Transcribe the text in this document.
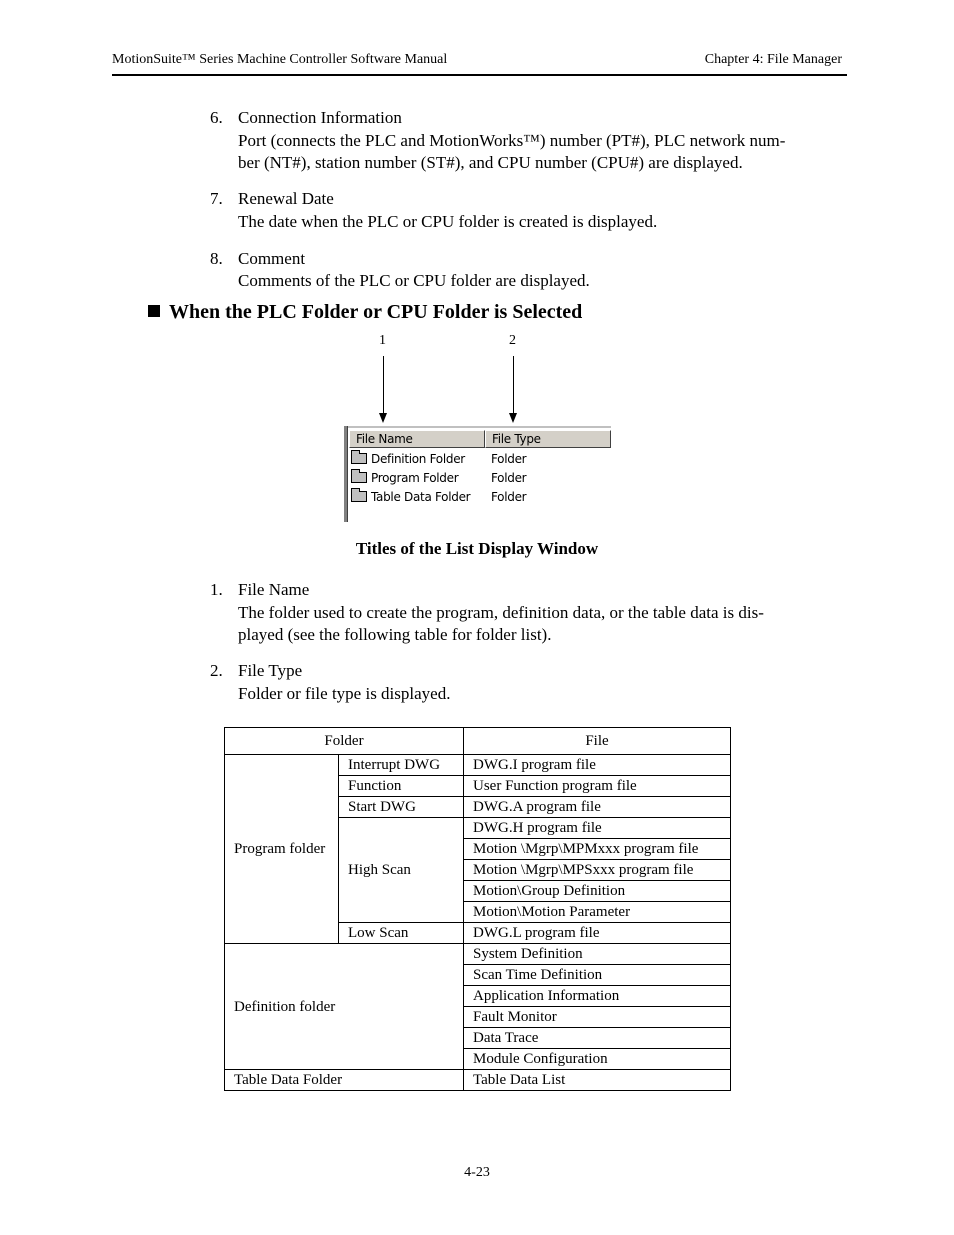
MotionSuite™ Series Machine Controller Software Manual	Chapter 4: File Manager
6. Connection Information
Port (connects the PLC and MotionWorks™) number (PT#), PLC network num-
ber (NT#), station number (ST#), and CPU number (CPU#) are displayed.
7. Renewal Date
The date when the PLC or CPU folder is created is displayed.
8. Comment
Comments of the PLC or CPU folder are displayed.
When the PLC Folder or CPU Folder is Selected
1	2
File Name	File Type
Definition Folder Folder
Program Folder	Folder
Table Data Folder Folder
Titles of the List Display Window
1. File Name
The folder used to create the program, definition data, or the table data is dis-
played (see the following table for folder list).
2. File Type
Folder or file type is displayed.
Folder		File
Program folder	Interrupt DWG	DWG.I program file
	Function	User Function program file
	Start DWG	DWG.A program file
	High Scan	DWG.H program file
		Motion \Mgrp\MPMxxx program file
		Motion \Mgrp\MPSxxx program file
		Motion\Group Definition
		Motion\Motion Parameter
	Low Scan	DWG.L program file
Definition folder		System Definition
		Scan Time Definition
		Application Information
		Fault Monitor
		Data Trace
		Module Configuration
Table Data Folder		Table Data List
4-23
